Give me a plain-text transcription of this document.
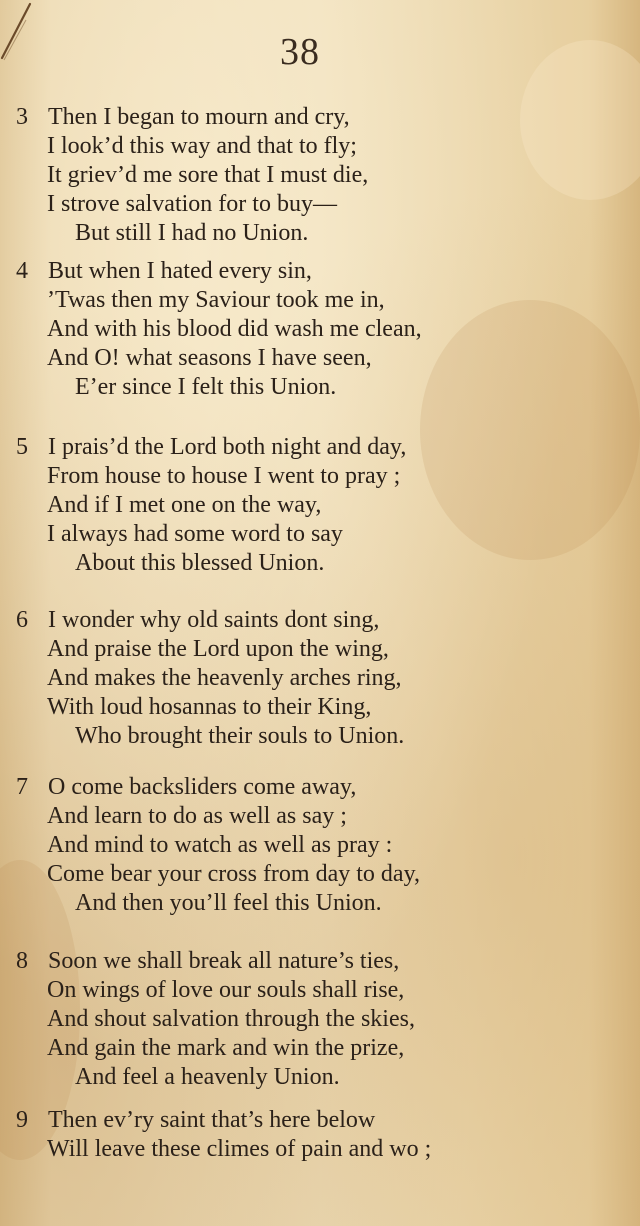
38
3 Then I began to mourn and cry,
I look’d this way and that to fly;
It griev’d me sore that I must die,
I strove salvation for to buy—
But still I had no Union.
4 But when I hated every sin,
’Twas then my Saviour took me in,
And with his blood did wash me clean,
And O! what seasons I have seen,
E’er since I felt this Union.
5 I prais’d the Lord both night and day,
From house to house I went to pray ;
And if I met one on the way,
I always had some word to say
About this blessed Union.
6 I wonder why old saints dont sing,
And praise the Lord upon the wing,
And makes the heavenly arches ring,
With loud hosannas to their King,
Who brought their souls to Union.
7 O come backsliders come away,
And learn to do as well as say ;
And mind to watch as well as pray :
Come bear your cross from day to day,
And then you’ll feel this Union.
8 Soon we shall break all nature’s ties,
On wings of love our souls shall rise,
And shout salvation through the skies,
And gain the mark and win the prize,
And feel a heavenly Union.
9 Then ev’ry saint that’s here below
Will leave these climes of pain and wo ;
